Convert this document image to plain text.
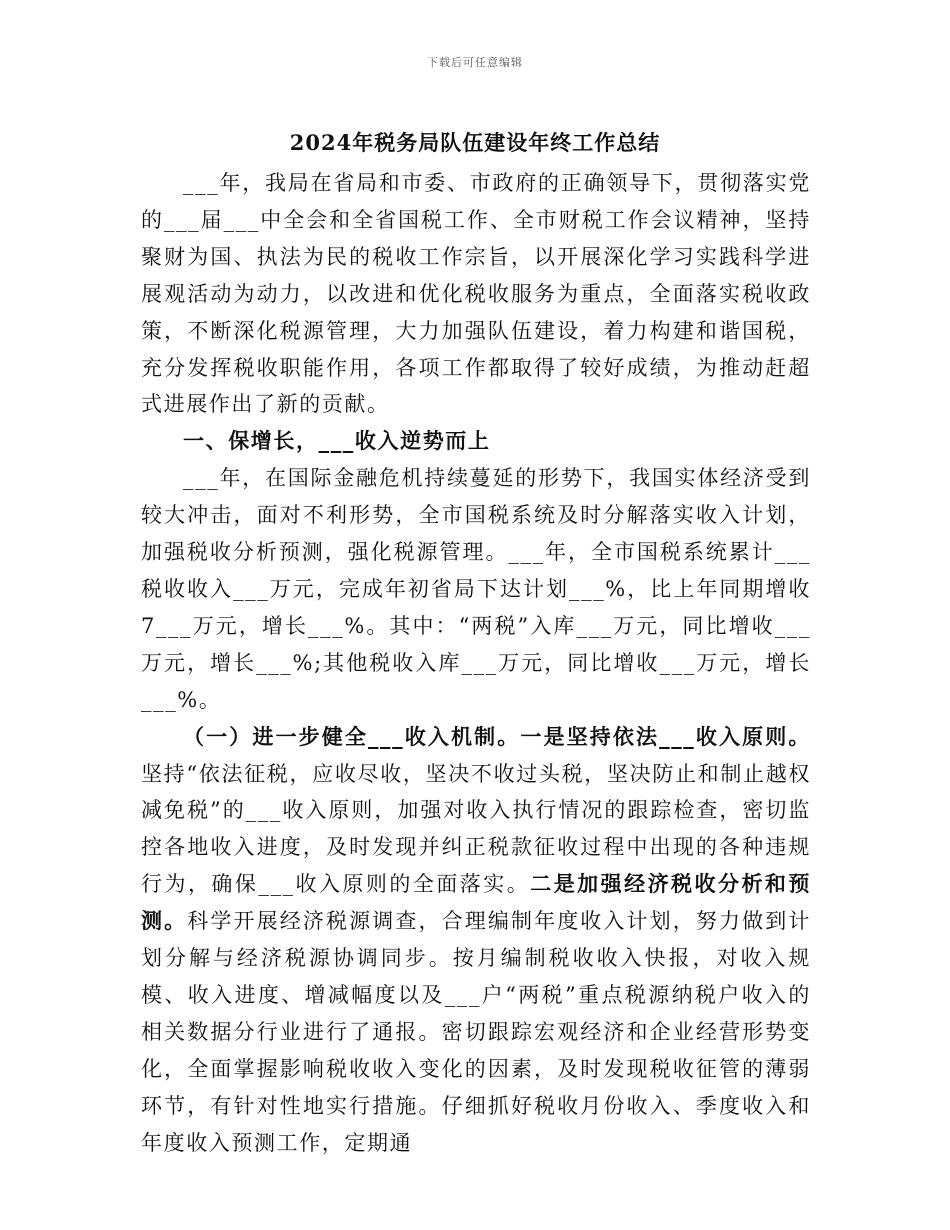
下载后可任意编辑
2024年税务局队伍建设年终工作总结

___年，我局在省局和市委、市政府的正确领导下，贯彻落实党的___届___中全会和全省国税工作、全市财税工作会议精神，坚持聚财为国、执法为民的税收工作宗旨，以开展深化学习实践科学进展观活动为动力，以改进和优化税收服务为重点，全面落实税收政策，不断深化税源管理，大力加强队伍建设，着力构建和谐国税，充分发挥税收职能作用，各项工作都取得了较好成绩，为推动赶超式进展作出了新的贡献。

一、保增长，___收入逆势而上

___年，在国际金融危机持续蔓延的形势下，我国实体经济受到较大冲击，面对不利形势，全市国税系统及时分解落实收入计划，加强税收分析预测，强化税源管理。___年，全市国税系统累计___税收收入___万元，完成年初省局下达计划___%，比上年同期增收7___万元，增长___%。其中：“两税”入库___万元，同比增收___万元，增长___%;其他税收入库___万元，同比增收___万元，增长___%。

（一）进一步健全___收入机制。一是坚持依法___收入原则。坚持“依法征税，应收尽收，坚决不收过头税，坚决防止和制止越权减免税”的___收入原则，加强对收入执行情况的跟踪检查，密切监控各地收入进度，及时发现并纠正税款征收过程中出现的各种违规行为，确保___收入原则的全面落实。二是加强经济税收分析和预测。科学开展经济税源调查，合理编制年度收入计划，努力做到计划分解与经济税源协调同步。按月编制税收收入快报，对收入规模、收入进度、增减幅度以及___户“两税”重点税源纳税户收入的相关数据分行业进行了通报。密切跟踪宏观经济和企业经营形势变化，全面掌握影响税收收入变化的因素，及时发现税收征管的薄弱环节，有针对性地实行措施。仔细抓好税收月份收入、季度收入和年度收入预测工作，定期通
